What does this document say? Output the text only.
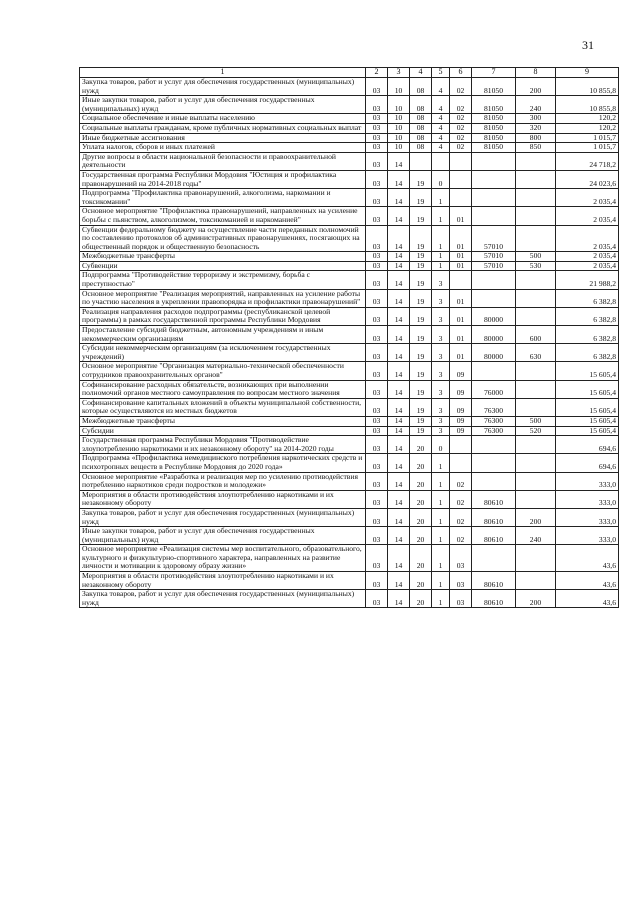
31
1	2	3	4	5	6	7	8	9
Закупка товаров, работ и услуг для обеспечения государственных (муниципальных) нужд	03	10	08	4	02	81050	200	10 855,8
Иные закупки товаров, работ и услуг для обеспечения государственных (муниципальных) нужд	03	10	08	4	02	81050	240	10 855,8
Социальное обеспечение и иные выплаты населению	03	10	08	4	02	81050	300	120,2
Социальные выплаты гражданам, кроме публичных нормативных социальных выплат	03	10	08	4	02	81050	320	120,2
Иные бюджетные ассигнования	03	10	08	4	02	81050	800	1 015,7
Уплата налогов, сборов и иных платежей	03	10	08	4	02	81050	850	1 015,7
Другие вопросы в области национальной безопасности и правоохранительной деятельности	03	14						24 718,2
Государственная программа Республики Мордовия "Юстиция и профилактика правонарушений на 2014-2018 годы"	03	14	19	0				24 023,6
Подпрограмма "Профилактика правонарушений, алкоголизма, наркомании и токсикомании"	03	14	19	1				2 035,4
Основное мероприятие "Профилактика правонарушений, направленных на усиление борьбы с пьянством, алкоголизмом, токсикоманией и наркоманией"	03	14	19	1	01			2 035,4
Субвенции федеральному бюджету на осуществление части переданных полномочий по составлению протоколов об административных правонарушениях, посягающих на общественный порядок и общественную безопасность	03	14	19	1	01	57010		2 035,4
Межбюджетные трансферты	03	14	19	1	01	57010	500	2 035,4
Субвенции	03	14	19	1	01	57010	530	2 035,4
Подпрограмма "Противодействие терроризму и экстремизму, борьба с преступностью"	03	14	19	3				21 988,2
Основное мероприятие "Реализация мероприятий, направленных на усиление работы по участию населения в укреплении правопорядка и профилактики правонарушений"	03	14	19	3	01			6 382,8
Реализация направления расходов подпрограммы (республиканской целевой программы) в рамках государственной программы Республики Мордовия	03	14	19	3	01	80000		6 382,8
Предоставление субсидий бюджетным, автономным учреждениям и иным некоммерческим организациям	03	14	19	3	01	80000	600	6 382,8
Субсидии некоммерческим организациям (за исключением государственных учреждений)	03	14	19	3	01	80000	630	6 382,8
Основное мероприятие "Организация материально-технической обеспеченности сотрудников правоохранительных органов"	03	14	19	3	09			15 605,4
Софинансирование расходных обязательств, возникающих при выполнении полномочий органов местного самоуправления по вопросам местного значения	03	14	19	3	09	76000		15 605,4
Софинансирование капитальных вложений в объекты муниципальной собственности, которые осуществляются из местных бюджетов	03	14	19	3	09	76300		15 605,4
Межбюджетные трансферты	03	14	19	3	09	76300	500	15 605,4
Субсидии	03	14	19	3	09	76300	520	15 605,4
Государственная программа Республики Мордовия "Противодействие злоупотреблению наркотиками и их незаконному обороту" на 2014-2020 годы	03	14	20	0				694,6
Подпрограмма «Профилактика немедицинского потребления наркотических средств и психотропных веществ в Республике Мордовия до 2020 года»	03	14	20	1				694,6
Основное мероприятие «Разработка и реализация мер по усилению противодействия потреблению наркотиков среди подростков и молодежи»	03	14	20	1	02			333,0
Мероприятия в области противодействия злоупотреблению наркотиками и их незаконному обороту	03	14	20	1	02	80610		333,0
Закупка товаров, работ и услуг для обеспечения государственных (муниципальных) нужд	03	14	20	1	02	80610	200	333,0
Иные закупки товаров, работ и услуг для обеспечения государственных (муниципальных) нужд	03	14	20	1	02	80610	240	333,0
Основное мероприятие «Реализация системы мер воспитательного, образовательного, культурного и физкультурно-спортивного характера, направленных на развитие личности и мотивации к здоровому образу жизни»	03	14	20	1	03			43,6
Мероприятия в области противодействия злоупотреблению наркотиками и их незаконному обороту	03	14	20	1	03	80610		43,6
Закупка товаров, работ и услуг для обеспечения государственных (муниципальных) нужд	03	14	20	1	03	80610	200	43,6
